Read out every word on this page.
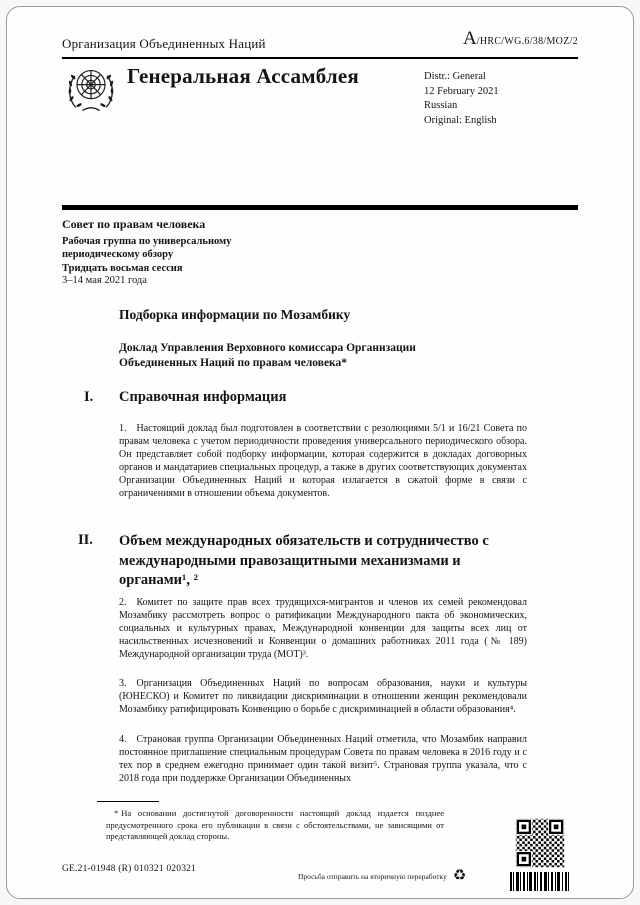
Организация Объединенных Наций	A /HRC/WG.6/38/MOZ/2
Генеральная Ассамблея	Distr.: General
12 February 2021
Russian
Original: English
Совет по правам человека
Рабочая группа по универсальному периодическому обзору
Тридцать восьмая сессия
3–14 мая 2021 года
Подборка информации по Мозамбику
Доклад Управления Верховного комиссара Организации Объединенных Наций по правам человека*
I. Справочная информация
1. Настоящий доклад был подготовлен в соответствии с резолюциями 5/1 и 16/21 Совета по правам человека с учетом периодичности проведения универсального периодического обзора. Он представляет собой подборку информации, которая содержится в докладах договорных органов и мандатариев специальных процедур, а также в других соответствующих документах Организации Объединенных Наций и которая излагается в сжатой форме в связи с ограничениями в отношении объема документов.
II. Объем международных обязательств и сотрудничество с международными правозащитными механизмами и органами¹, ²
2. Комитет по защите прав всех трудящихся-мигрантов и членов их семей рекомендовал Мозамбику рассмотреть вопрос о ратификации Международного пакта об экономических, социальных и культурных правах, Международной конвенции для защиты всех лиц от насильственных исчезновений и Конвенции о домашних работниках 2011 года (№ 189) Международной организации труда (МОТ)³.
3. Организация Объединенных Наций по вопросам образования, науки и культуры (ЮНЕСКО) и Комитет по ликвидации дискриминации в отношении женщин рекомендовали Мозамбику ратифицировать Конвенцию о борьбе с дискриминацией в области образования⁴.
4. Страновая группа Организации Объединенных Наций отметила, что Мозамбик направил постоянное приглашение специальным процедурам Совета по правам человека в 2016 году и с тех пор в среднем ежегодно принимает один такой визит⁵. Страновая группа указала, что с 2018 года при поддержке Организации Объединенных
* На основании достигнутой договоренности настоящий доклад издается позднее предусмотренного срока его публикации в связи с обстоятельствами, не зависящими от представляющей доклад стороны.
GE.21-01948 (R) 010321 020321
Просьба отправить на вторичную переработку ♻
